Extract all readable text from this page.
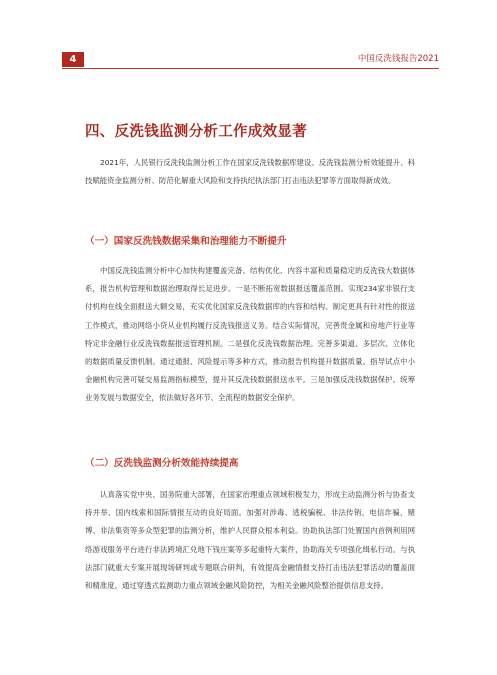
4	中国反洗钱报告2021
四、反洗钱监测分析工作成效显著

2021年，人民银行反洗钱监测分析工作在国家反洗钱数据库建设、反洗钱监测分析效能提升、科技赋能资金监测分析、防范化解重大风险和支持执纪执法部门打击违法犯罪等方面取得新成效。

（一）国家反洗钱数据采集和治理能力不断提升

中国反洗钱监测分析中心加快构建覆盖完备、结构优化、内容丰富和质量稳定的反洗钱大数据体系，报告机构管理和数据治理取得长足进步。一是不断拓宽数据报送覆盖范围。实现234家非银行支付机构在线全面报送大额交易，充实优化国家反洗钱数据库的内容和结构。制定更具有针对性的报送工作模式，推动网络小贷从业机构履行反洗钱报送义务。结合实际情况，完善贵金属和房地产行业等特定非金融行业反洗钱数据报送管理机制。二是强化反洗钱数据治理。完善多渠道、多层次、立体化的数据质量反馈机制。通过通报、风险提示等多种方式，推动报告机构提升数据质量。指导试点中小金融机构完善可疑交易监测指标模型，提升其反洗钱数据报送水平。三是加强反洗钱数据保护。统筹业务发展与数据安全，依法做好各环节、全流程的数据安全保护。

（二）反洗钱监测分析效能持续提高

认真落实党中央、国务院重大部署，在国家治理重点领域积极发力，形成主动监测分析与协查支持并举、国内线索和国际情报互动的良好局面。加强对涉毒、逃税骗税、非法传销、电信诈骗、赌博、非法集资等多众型犯罪的监测分析，维护人民群众根本利益。协助执法部门处置国内首例利用网络游戏服务平台进行非法跨境汇兑地下钱庄案等多起重特大案件，协助海关专项强化缉私行动。与执法部门就重大专案开展现场研判或专题联合研判，有效提高金融情报支持打击违法犯罪活动的覆盖面和精准度。通过穿透式监测助力重点领域金融风险防控，为相关金融风险整治提供信息支持。
